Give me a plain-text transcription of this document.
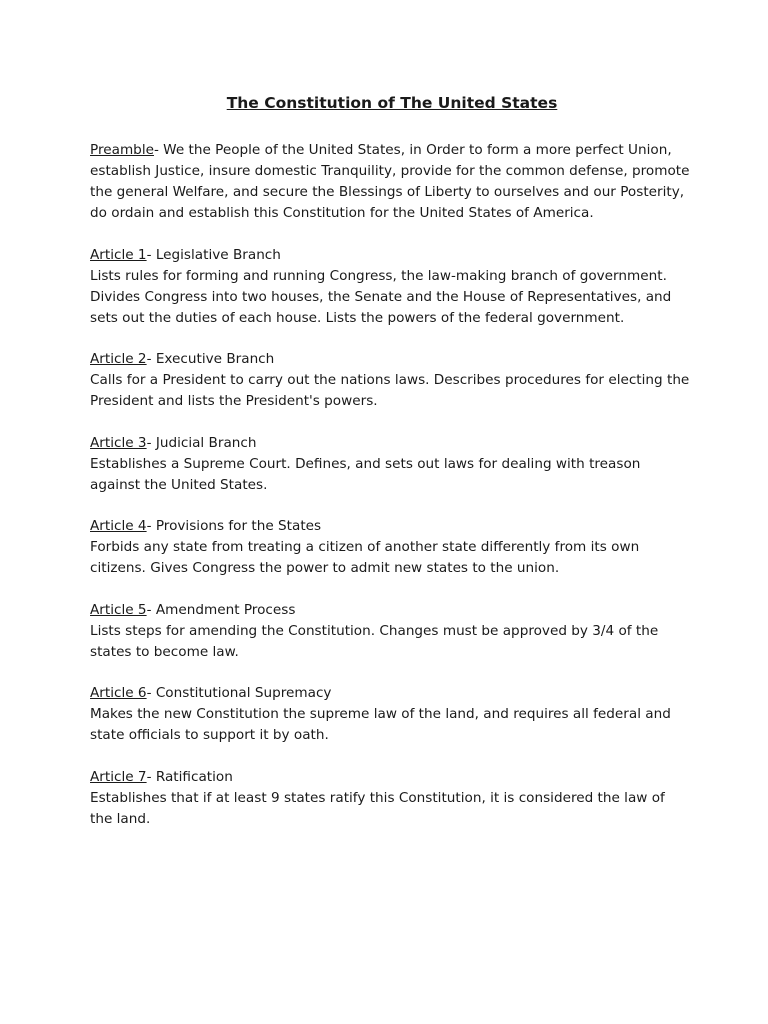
The Constitution of The United States
Preamble- We the People of the United States, in Order to form a more perfect Union, establish Justice, insure domestic Tranquility, provide for the common defense, promote the general Welfare, and secure the Blessings of Liberty to ourselves and our Posterity, do ordain and establish this Constitution for the United States of America.
Article 1- Legislative Branch
Lists rules for forming and running Congress, the law-making branch of government. Divides Congress into two houses, the Senate and the House of Representatives, and sets out the duties of each house. Lists the powers of the federal government.
Article 2- Executive Branch
Calls for a President to carry out the nations laws. Describes procedures for electing the President and lists the President's powers.
Article 3- Judicial Branch
Establishes a Supreme Court. Defines, and sets out laws for dealing with treason against the United States.
Article 4- Provisions for the States
Forbids any state from treating a citizen of another state differently from its own citizens. Gives Congress the power to admit new states to the union.
Article 5- Amendment Process
Lists steps for amending the Constitution. Changes must be approved by 3/4 of the states to become law.
Article 6- Constitutional Supremacy
Makes the new Constitution the supreme law of the land, and requires all federal and state officials to support it by oath.
Article 7- Ratification
Establishes that if at least 9 states ratify this Constitution, it is considered the law of the land.
